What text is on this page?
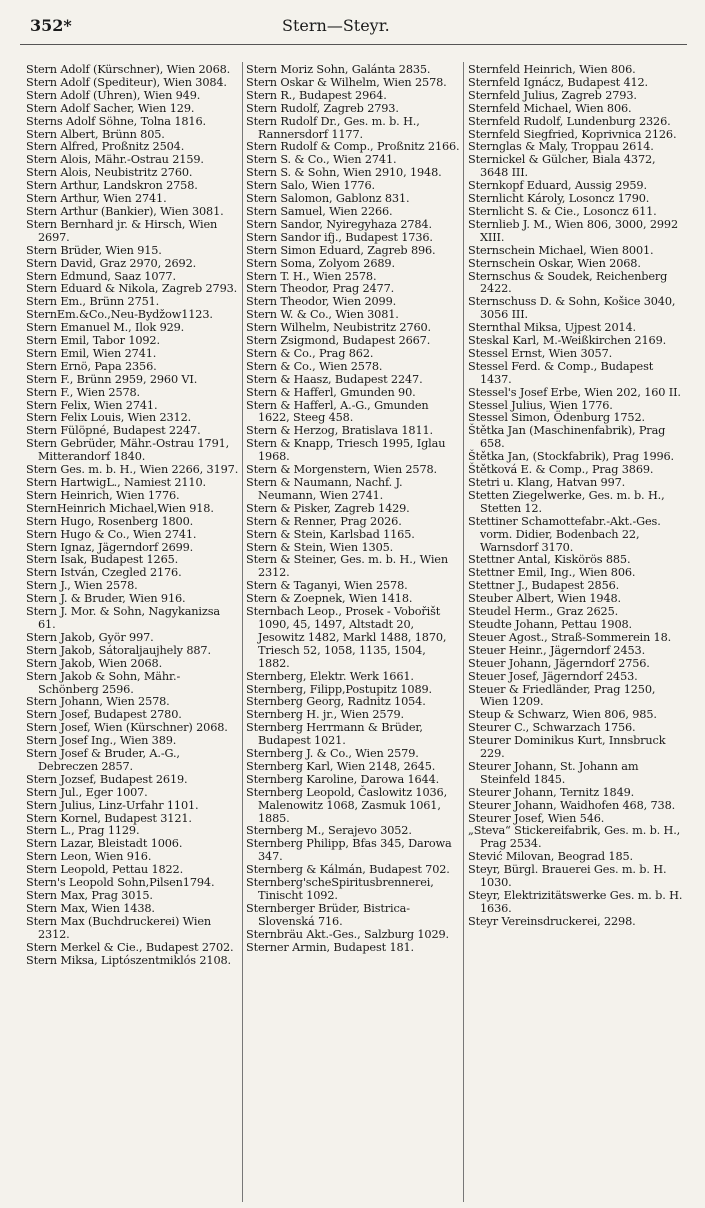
352*	Stern—Steyr.

Stern Adolf (Kürschner), Wien 2068.

Stern Adolf (Spediteur), Wien 3084.

Stern Adolf (Uhren), Wien 949.

Stern Adolf Sacher, Wien 129.

Sterns Adolf Söhne, Tolna 1816.

Stern Albert, Brünn 805.

Stern Alfred, Proßnitz 2504.

Stern Alois, Mähr.-Ostrau 2159.

Stern Alois, Neubistritz 2760.

Stern Arthur, Landskron 2758.

Stern Arthur, Wien 2741.

Stern Arthur (Bankier), Wien 3081.

Stern Bernhard jr. & Hirsch, Wien 2697.

Stern Brüder, Wien 915.

Stern David, Graz 2970, 2692.

Stern Edmund, Saaz 1077.

Stern Eduard & Nikola, Zagreb 2793.

Stern Em., Brünn 2751.

SternEm.&Co.,Neu-Bydžow1123.

Stern Emanuel M., Ilok 929.

Stern Emil, Tabor 1092.

Stern Emil, Wien 2741.

Stern Ernö, Papa 2356.

Stern F., Brünn 2959, 2960 VI.

Stern F., Wien 2578.

Stern Felix, Wien 2741.

Stern Felix Louis, Wien 2312.

Stern Fülöpné, Budapest 2247.

Stern Gebrüder, Mähr.-Ostrau 1791, Mitterandorf 1840.

Stern Ges. m. b. H., Wien 2266, 3197.

Stern HartwigL., Namiest 2110.

Stern Heinrich, Wien 1776.

SternHeinrich Michael,Wien 918.

Stern Hugo, Rosenberg 1800.

Stern Hugo & Co., Wien 2741.

Stern Ignaz, Jägerndorf 2699.

Stern Isak, Budapest 1265.

Stern István, Czegled 2176.

Stern J., Wien 2578.

Stern J. & Bruder, Wien 916.

Stern J. Mor. & Sohn, Nagykanizsa 61.

Stern Jakob, Györ 997.

Stern Jakob, Sátoraljaujhely 887.

Stern Jakob, Wien 2068.

Stern Jakob & Sohn, Mähr.-Schönberg 2596.

Stern Johann, Wien 2578.

Stern Josef, Budapest 2780.

Stern Josef, Wien (Kürschner) 2068.

Stern Josef Ing., Wien 389.

Stern Josef & Bruder, A.-G., Debreczen 2857.

Stern Jozsef, Budapest 2619.

Stern Jul., Eger 1007.

Stern Julius, Linz-Urfahr 1101.

Stern Kornel, Budapest 3121.

Stern L., Prag 1129.

Stern Lazar, Bleistadt 1006.

Stern Leon, Wien 916.

Stern Leopold, Pettau 1822.

Stern's Leopold Sohn,Pilsen1794.

Stern Max, Prag 3015.

Stern Max, Wien 1438.

Stern Max (Buchdruckerei) Wien 2312.

Stern Merkel & Cie., Budapest 2702.

Stern Miksa, Liptószentmiklós 2108.

Stern Moriz Sohn, Galánta 2835.

Stern Oskar & Wilhelm, Wien 2578.

Stern R., Budapest 2964.

Stern Rudolf, Zagreb 2793.

Stern Rudolf Dr., Ges. m. b. H., Rannersdorf 1177.

Stern Rudolf & Comp., Proßnitz 2166.

Stern S. & Co., Wien 2741.

Stern S. & Sohn, Wien 2910, 1948.

Stern Salo, Wien 1776.

Stern Salomon, Gablonz 831.

Stern Samuel, Wien 2266.

Stern Sandor, Nyiregyhaza 2784.

Stern Sandor ifj., Budapest 1736.

Stern Simon Eduard, Zagreb 896.

Stern Soma, Zolyom 2689.

Stern T. H., Wien 2578.

Stern Theodor, Prag 2477.

Stern Theodor, Wien 2099.

Stern W. & Co., Wien 3081.

Stern Wilhelm, Neubistritz 2760.

Stern Zsigmond, Budapest 2667.

Stern & Co., Prag 862.

Stern & Co., Wien 2578.

Stern & Haasz, Budapest 2247.

Stern & Hafferl, Gmunden 90.

Stern & Hafferl, A.-G., Gmunden 1622, Steeg 458.

Stern & Herzog, Bratislava 1811.

Stern & Knapp, Triesch 1995, Iglau 1968.

Stern & Morgenstern, Wien 2578.

Stern & Naumann, Nachf. J. Neumann, Wien 2741.

Stern & Pisker, Zagreb 1429.

Stern & Renner, Prag 2026.

Stern & Stein, Karlsbad 1165.

Stern & Stein, Wien 1305.

Stern & Steiner, Ges. m. b. H., Wien 2312.

Stern & Taganyi, Wien 2578.

Stern & Zoepnek, Wien 1418.

Sternbach Leop., Prosek - Vobořišt 1090, 45, 1497, Altstadt 20, Jesowitz 1482, Markl 1488, 1870, Triesch 52, 1058, 1135, 1504, 1882.

Sternberg, Elektr. Werk 1661.

Sternberg, Filipp,Postupitz 1089.

Sternberg Georg, Radnitz 1054.

Sternberg H. jr., Wien 2579.

Sternberg Herrmann & Brüder, Budapest 1021.

Sternberg J. & Co., Wien 2579.

Sternberg Karl, Wien 2148, 2645.

Sternberg Karoline, Darowa 1644.

Sternberg Leopold, Časlowitz 1036, Malenowitz 1068, Zasmuk 1061, 1885.

Sternberg M., Serajevo 3052.

Sternberg Philipp, Bfas 345, Darowa 347.

Sternberg & Kálmán, Budapest 702.

Sternberg'scheSpiritusbrennerei, Tinischt 1092.

Sternberger Brüder, Bistrica-Slovenská 716.

Sternbräu Akt.-Ges., Salzburg 1029.

Sterner Armin, Budapest 181.

Sternfeld Heinrich, Wien 806.

Sternfeld Ignácz, Budapest 412.

Sternfeld Julius, Zagreb 2793.

Sternfeld Michael, Wien 806.

Sternfeld Rudolf, Lundenburg 2326.

Sternfeld Siegfried, Koprivnica 2126.

Sternglas & Maly, Troppau 2614.

Sternickel & Gülcher, Biala 4372, 3648 III.

Sternkopf Eduard, Aussig 2959.

Sternlicht Károly, Losoncz 1790.

Sternlicht S. & Cie., Losoncz 611.

Sternlieb J. M., Wien 806, 3000, 2992 XIII.

Sternschein Michael, Wien 8001.

Sternschein Oskar, Wien 2068.

Sternschus & Soudek, Reichenberg 2422.

Sternschuss D. & Sohn, Košice 3040, 3056 III.

Sternthal Miksa, Ujpest 2014.

Steskal Karl, M.-Weißkirchen 2169.

Stessel Ernst, Wien 3057.

Stessel Ferd. & Comp., Budapest 1437.

Stessel's Josef Erbe, Wien 202, 160 II.

Stessel Julius, Wien 1776.

Stessel Simon, Ödenburg 1752.

Štětka Jan (Maschinenfabrik), Prag 658.

Štětka Jan, (Stockfabrik), Prag 1996.

Štětková E. & Comp., Prag 3869.

Stetri u. Klang, Hatvan 997.

Stetten Ziegelwerke, Ges. m. b. H., Stetten 12.

Stettiner Schamottefabr.-Akt.-Ges. vorm. Didier, Bodenbach 22, Warnsdorf 3170.

Stettner Antal, Kiskörös 885.

Stettner Emil, Ing., Wien 806.

Stettner J., Budapest 2856.

Steuber Albert, Wien 1948.

Steudel Herm., Graz 2625.

Steudte Johann, Pettau 1908.

Steuer Agost., Straß-Sommerein 18.

Steuer Heinr., Jägerndorf 2453.

Steuer Johann, Jägerndorf 2756.

Steuer Josef, Jägerndorf 2453.

Steuer & Friedländer, Prag 1250, Wien 1209.

Steup & Schwarz, Wien 806, 985.

Steurer C., Schwarzach 1756.

Steurer Dominikus Kurt, Innsbruck 229.

Steurer Johann, St. Johann am Steinfeld 1845.

Steurer Johann, Ternitz 1849.

Steurer Johann, Waidhofen 468, 738.

Steurer Josef, Wien 546.

„Steva“ Stickereifabrik, Ges. m. b. H., Prag 2534.

Stević Milovan, Beograd 185.

Steyr, Bürgl. Brauerei Ges. m. b. H. 1030.

Steyr, Elektrizitätswerke Ges. m. b. H. 1636.

Steyr Vereinsdruckerei, 2298.
